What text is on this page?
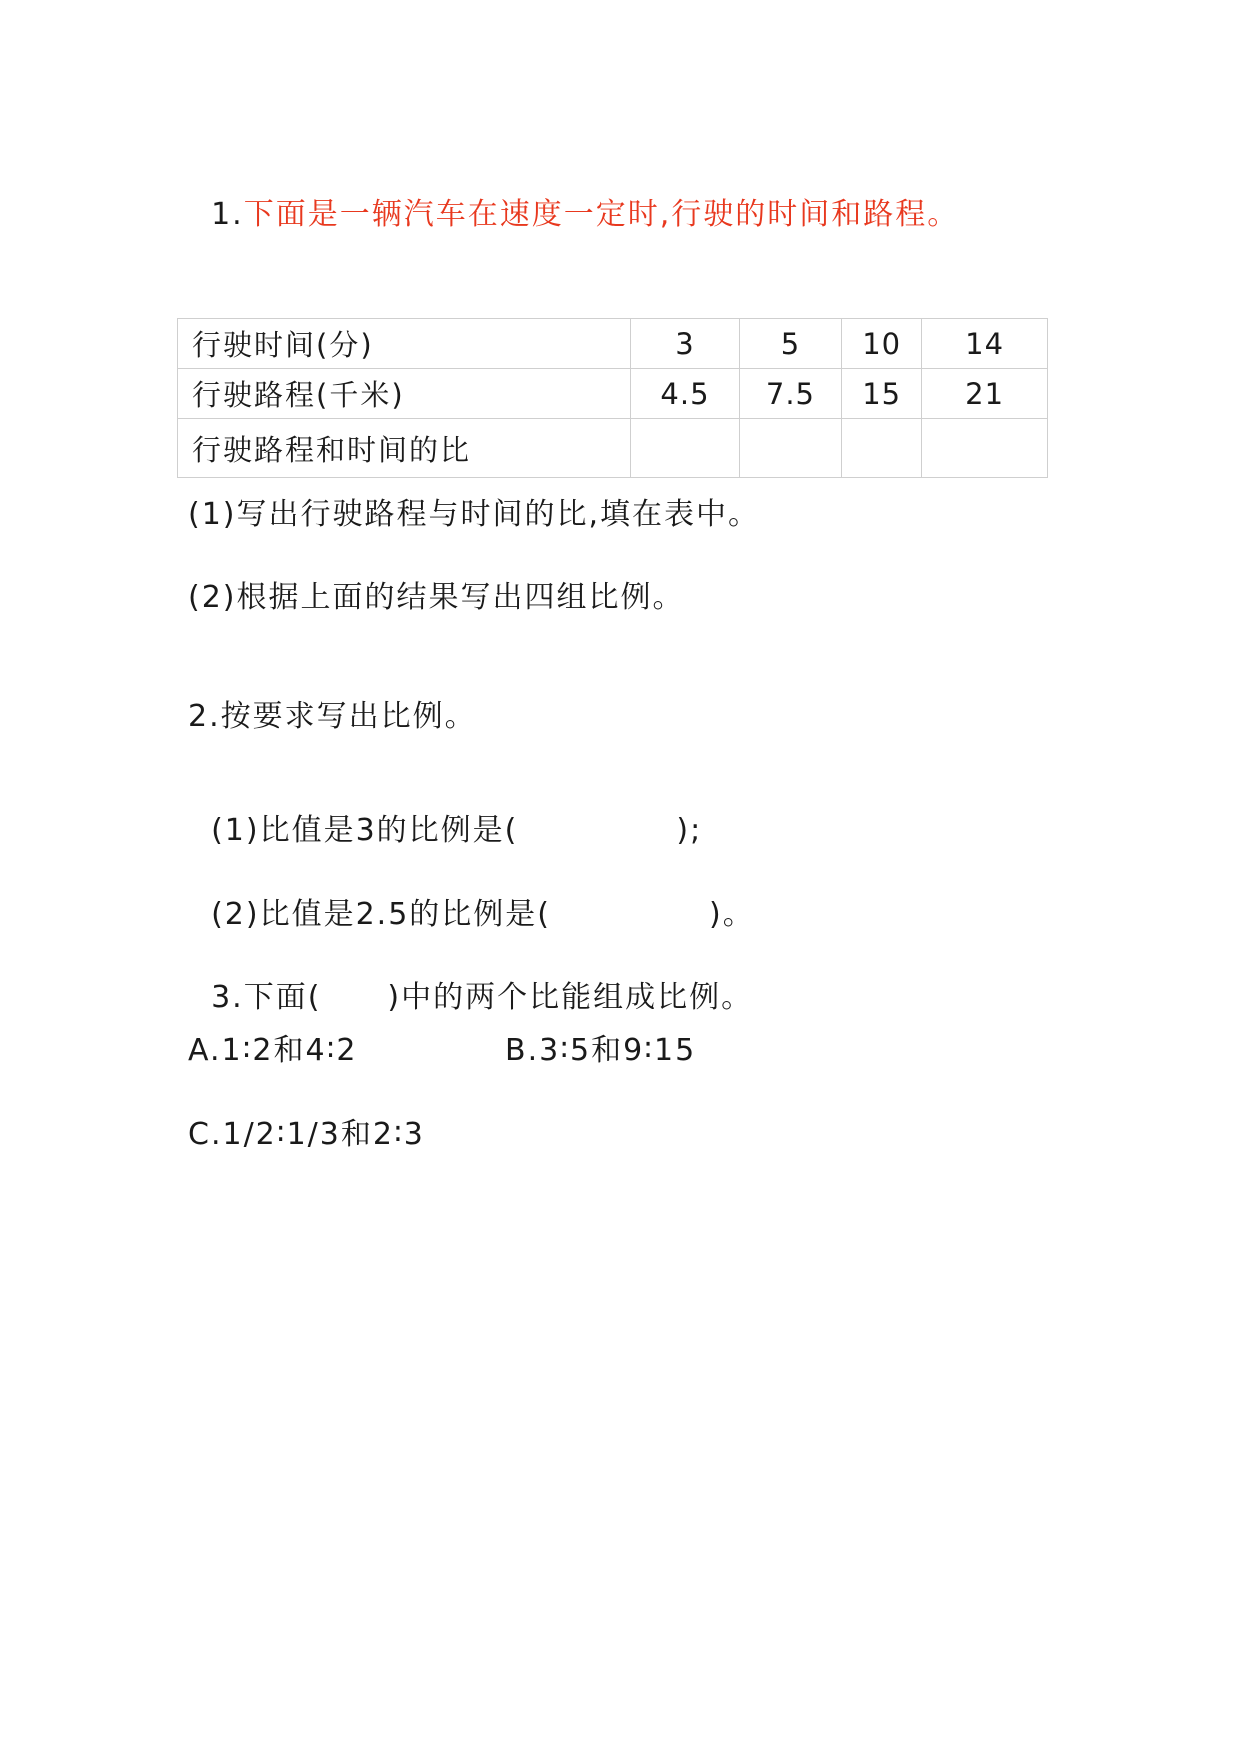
1.下面是一辆汽车在速度一定时,行驶的时间和路程。

行驶时间(分)	3	5	10	14
行驶路程(千米)	4.5	7.5	15	21
行驶路程和时间的比				
(1)写出行驶路程与时间的比,填在表中。
(2)根据上面的结果写出四组比例。
2.按要求写出比例。

(1)比值是3的比例是(	);

(2)比值是2.5的比例是(	)。

3.下面( )中的两个比能组成比例。

A.1∶2和4∶2	B.3∶5和9∶15
C.1/2∶1/3和2∶3
